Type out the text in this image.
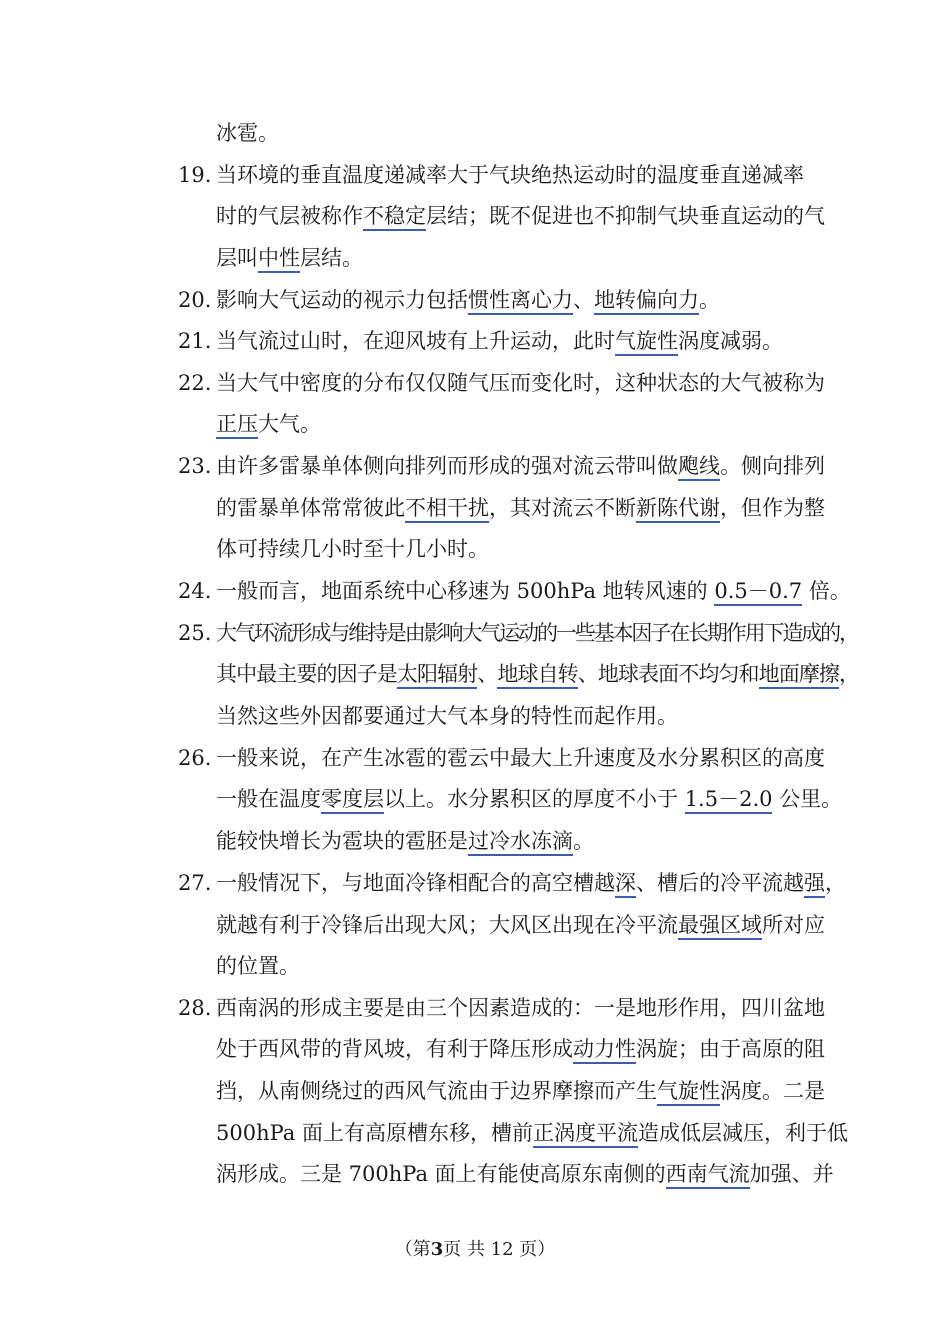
冰雹。
19. 当环境的垂直温度递减率大于气块绝热运动时的温度垂直递减率
时的气层被称作不稳定层结；既不促进也不抑制气块垂直运动的气
层叫中性层结。
20. 影响大气运动的视示力包括惯性离心力、地转偏向力。
21. 当气流过山时，在迎风坡有上升运动，此时气旋性涡度减弱。
22. 当大气中密度的分布仅仅随气压而变化时，这种状态的大气被称为
正压大气。
23. 由许多雷暴单体侧向排列而形成的强对流云带叫做飑线。侧向排列
的雷暴单体常常彼此不相干扰，其对流云不断新陈代谢，但作为整
体可持续几小时至十几小时。
24. 一般而言，地面系统中心移速为 500hPa 地转风速的 0.5－0.7 倍。
25. 大气环流形成与维持是由影响大气运动的一些基本因子在长期作用下造成的，
其中最主要的因子是太阳辐射、地球自转、地球表面不均匀和地面摩擦，
当然这些外因都要通过大气本身的特性而起作用。
26. 一般来说，在产生冰雹的雹云中最大上升速度及水分累积区的高度
一般在温度零度层以上。水分累积区的厚度不小于 1.5－2.0 公里。
能较快增长为雹块的雹胚是过冷水冻滴。
27. 一般情况下，与地面冷锋相配合的高空槽越深、槽后的冷平流越强，
就越有利于冷锋后出现大风；大风区出现在冷平流最强区域所对应
的位置。
28. 西南涡的形成主要是由三个因素造成的：一是地形作用，四川盆地
处于西风带的背风坡，有利于降压形成动力性涡旋；由于高原的阻
挡，从南侧绕过的西风气流由于边界摩擦而产生气旋性涡度。二是
500hPa 面上有高原槽东移，槽前正涡度平流造成低层减压，利于低
涡形成。三是 700hPa 面上有能使高原东南侧的西南气流加强、并
（第3页 共 12 页）
